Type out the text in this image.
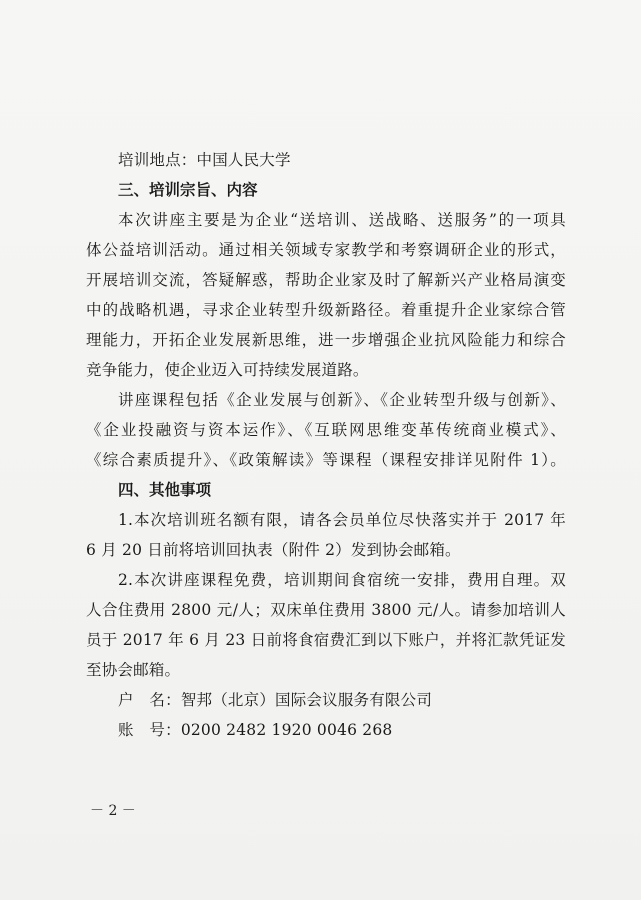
培训地点：中国人民大学
三、培训宗旨、内容
本次讲座主要是为企业“送培训、送战略、送服务”的一项具
体公益培训活动。通过相关领域专家教学和考察调研企业的形式，
开展培训交流，答疑解惑，帮助企业家及时了解新兴产业格局演变
中的战略机遇，寻求企业转型升级新路径。着重提升企业家综合管
理能力，开拓企业发展新思维，进一步增强企业抗风险能力和综合
竞争能力，使企业迈入可持续发展道路。
讲座课程包括《企业发展与创新》、《企业转型升级与创新》、
《企业投融资与资本运作》、《互联网思维变革传统商业模式》、
《综合素质提升》、《政策解读》等课程（课程安排详见附件 1）。
四、其他事项
1.本次培训班名额有限，请各会员单位尽快落实并于 2017 年
6 月 20 日前将培训回执表（附件 2）发到协会邮箱。
2.本次讲座课程免费，培训期间食宿统一安排，费用自理。双
人合住费用 2800 元/人；双床单住费用 3800 元/人。请参加培训人
员于 2017 年 6 月 23 日前将食宿费汇到以下账户，并将汇款凭证发
至协会邮箱。
户　名：智邦（北京）国际会议服务有限公司
账　号：0200 2482 1920 0046 268
－ 2 －
